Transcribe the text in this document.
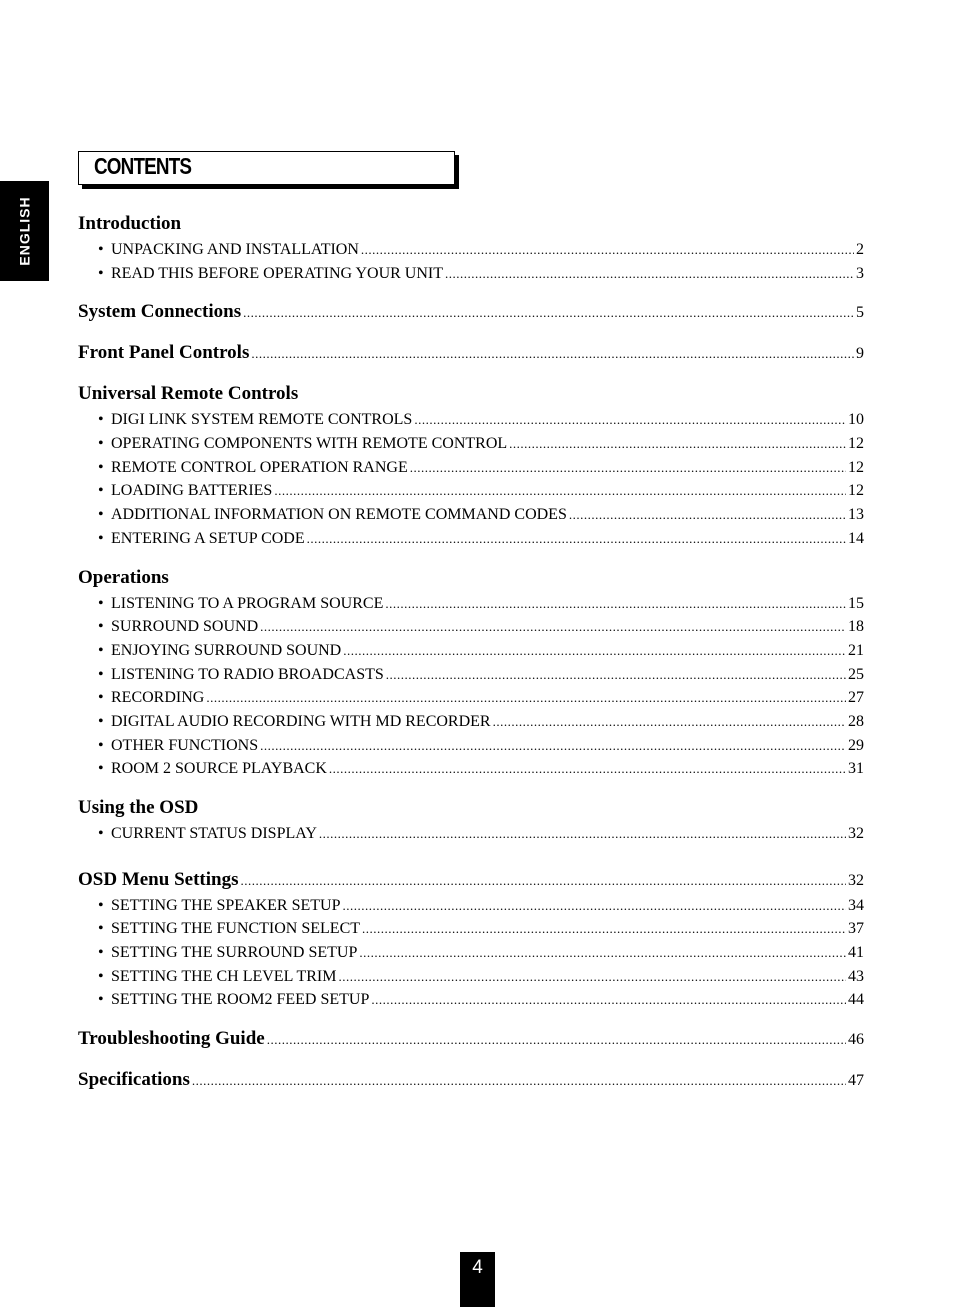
ENGLISH
CONTENTS
Introduction
• UNPACKING AND INSTALLATION .....	2
• READ THIS BEFORE OPERATING YOUR UNIT .....	3
System Connections .....	5
Front Panel Controls .....	9
Universal Remote Controls
• DIGI LINK SYSTEM REMOTE CONTROLS .....	10
• OPERATING COMPONENTS WITH REMOTE CONTROL .....	12
• REMOTE CONTROL OPERATION RANGE .....	12
• LOADING BATTERIES .....	12
• ADDITIONAL INFORMATION ON REMOTE COMMAND CODES .....	13
• ENTERING A SETUP CODE .....	14
Operations
• LISTENING TO A PROGRAM SOURCE .....	15
• SURROUND SOUND .....	18
• ENJOYING SURROUND SOUND .....	21
• LISTENING TO RADIO BROADCASTS .....	25
• RECORDING .....	27
• DIGITAL AUDIO RECORDING WITH MD RECORDER .....	28
• OTHER FUNCTIONS .....	29
• ROOM 2 SOURCE PLAYBACK .....	31
Using the OSD
• CURRENT STATUS DISPLAY .....	32
OSD Menu Settings .....	32
• SETTING THE SPEAKER SETUP .....	34
• SETTING THE FUNCTION SELECT .....	37
• SETTING THE SURROUND SETUP .....	41
• SETTING THE CH LEVEL TRIM .....	43
• SETTING THE ROOM2 FEED SETUP .....	44
Troubleshooting Guide .....	46
Specifications .....	47
4
